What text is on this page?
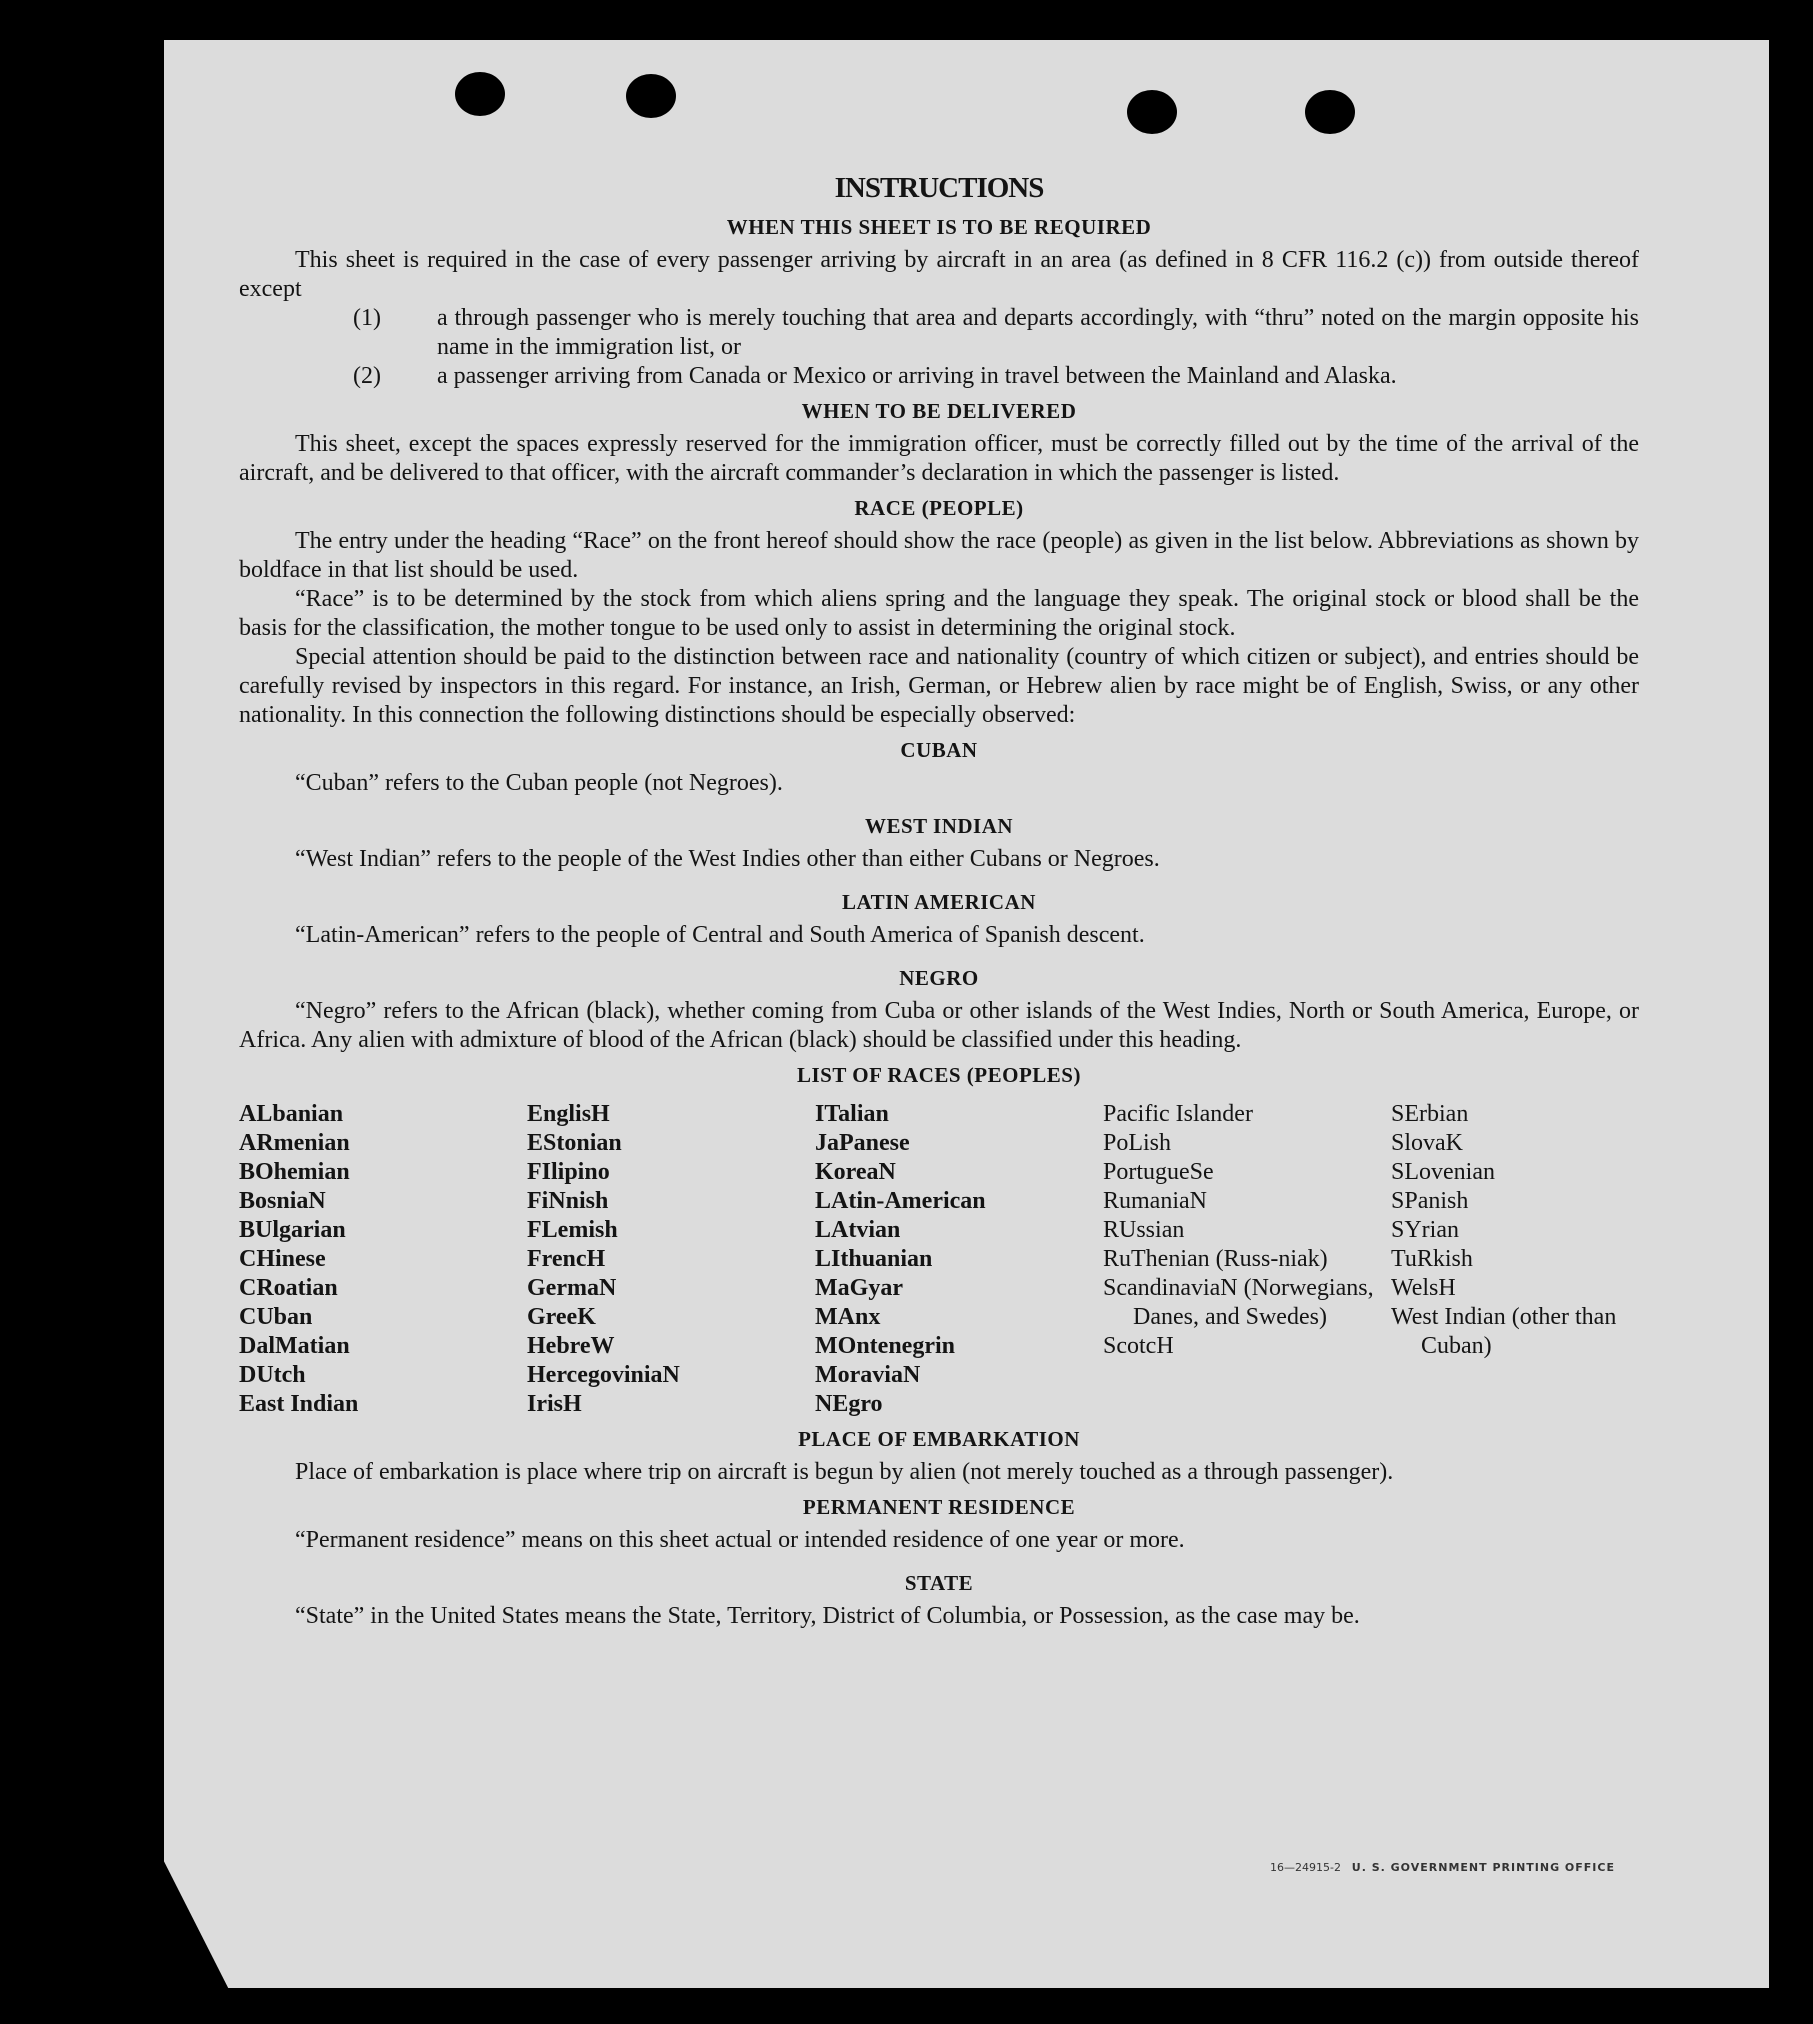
INSTRUCTIONS
WHEN THIS SHEET IS TO BE REQUIRED

This sheet is required in the case of every passenger arriving by aircraft in an area (as defined in 8 CFR 116.2 (c)) from outside thereof except

(1) a through passenger who is merely touching that area and departs accordingly, with “thru” noted on the margin opposite his name in the immigration list, or
(2) a passenger arriving from Canada or Mexico or arriving in travel between the Mainland and Alaska.
WHEN TO BE DELIVERED

This sheet, except the spaces expressly reserved for the immigration officer, must be correctly filled out by the time of the arrival of the aircraft, and be delivered to that officer, with the aircraft commander’s declaration in which the passenger is listed.

RACE (PEOPLE)

The entry under the heading “Race” on the front hereof should show the race (people) as given in the list below. Abbreviations as shown by boldface in that list should be used.

“Race” is to be determined by the stock from which aliens spring and the language they speak. The original stock or blood shall be the basis for the classification, the mother tongue to be used only to assist in determining the original stock.

Special attention should be paid to the distinction between race and nationality (country of which citizen or subject), and entries should be carefully revised by inspectors in this regard. For instance, an Irish, German, or Hebrew alien by race might be of English, Swiss, or any other nationality. In this connection the following distinctions should be especially observed:

CUBAN

“Cuban” refers to the Cuban people (not Negroes).

WEST INDIAN

“West Indian” refers to the people of the West Indies other than either Cubans or Negroes.

LATIN AMERICAN

“Latin-American” refers to the people of Central and South America of Spanish descent.

NEGRO

“Negro” refers to the African (black), whether coming from Cuba or other islands of the West Indies, North or South America, Europe, or Africa. Any alien with admixture of blood of the African (black) should be classified under this heading.

LIST OF RACES (PEOPLES)
ALbanian
ARmenian
BOhemian
BosniaN
BUlgarian
CHinese
CRoatian
CUban
DalMatian
DUtch
East Indian
EnglisH
EStonian
FIlipino
FiNnish
FLemish
FrencH
GermaN
GreeK
HebreW
HercegoviniaN
IrisH
ITalian
JaPanese
KoreaN
LAtin-American
LAtvian
LIthuanian
MaGyar
MAnx
MOntenegrin
MoraviaN
NEgro
Pacific Islander
PoLish
PortugueSe
RumaniaN
RUssian
RuThenian (Russ-niak)
ScandinaviaN (Norwegians, Danes, and Swedes)
ScotcH
SErbian
SlovaK
SLovenian
SPanish
SYrian
TuRkish
WelsH
West Indian (other than Cuban)
PLACE OF EMBARKATION

Place of embarkation is place where trip on aircraft is begun by alien (not merely touched as a through passenger).

PERMANENT RESIDENCE

“Permanent residence” means on this sheet actual or intended residence of one year or more.

STATE

“State” in the United States means the State, Territory, District of Columbia, or Possession, as the case may be.

16—24915-2 U. S. GOVERNMENT PRINTING OFFICE
